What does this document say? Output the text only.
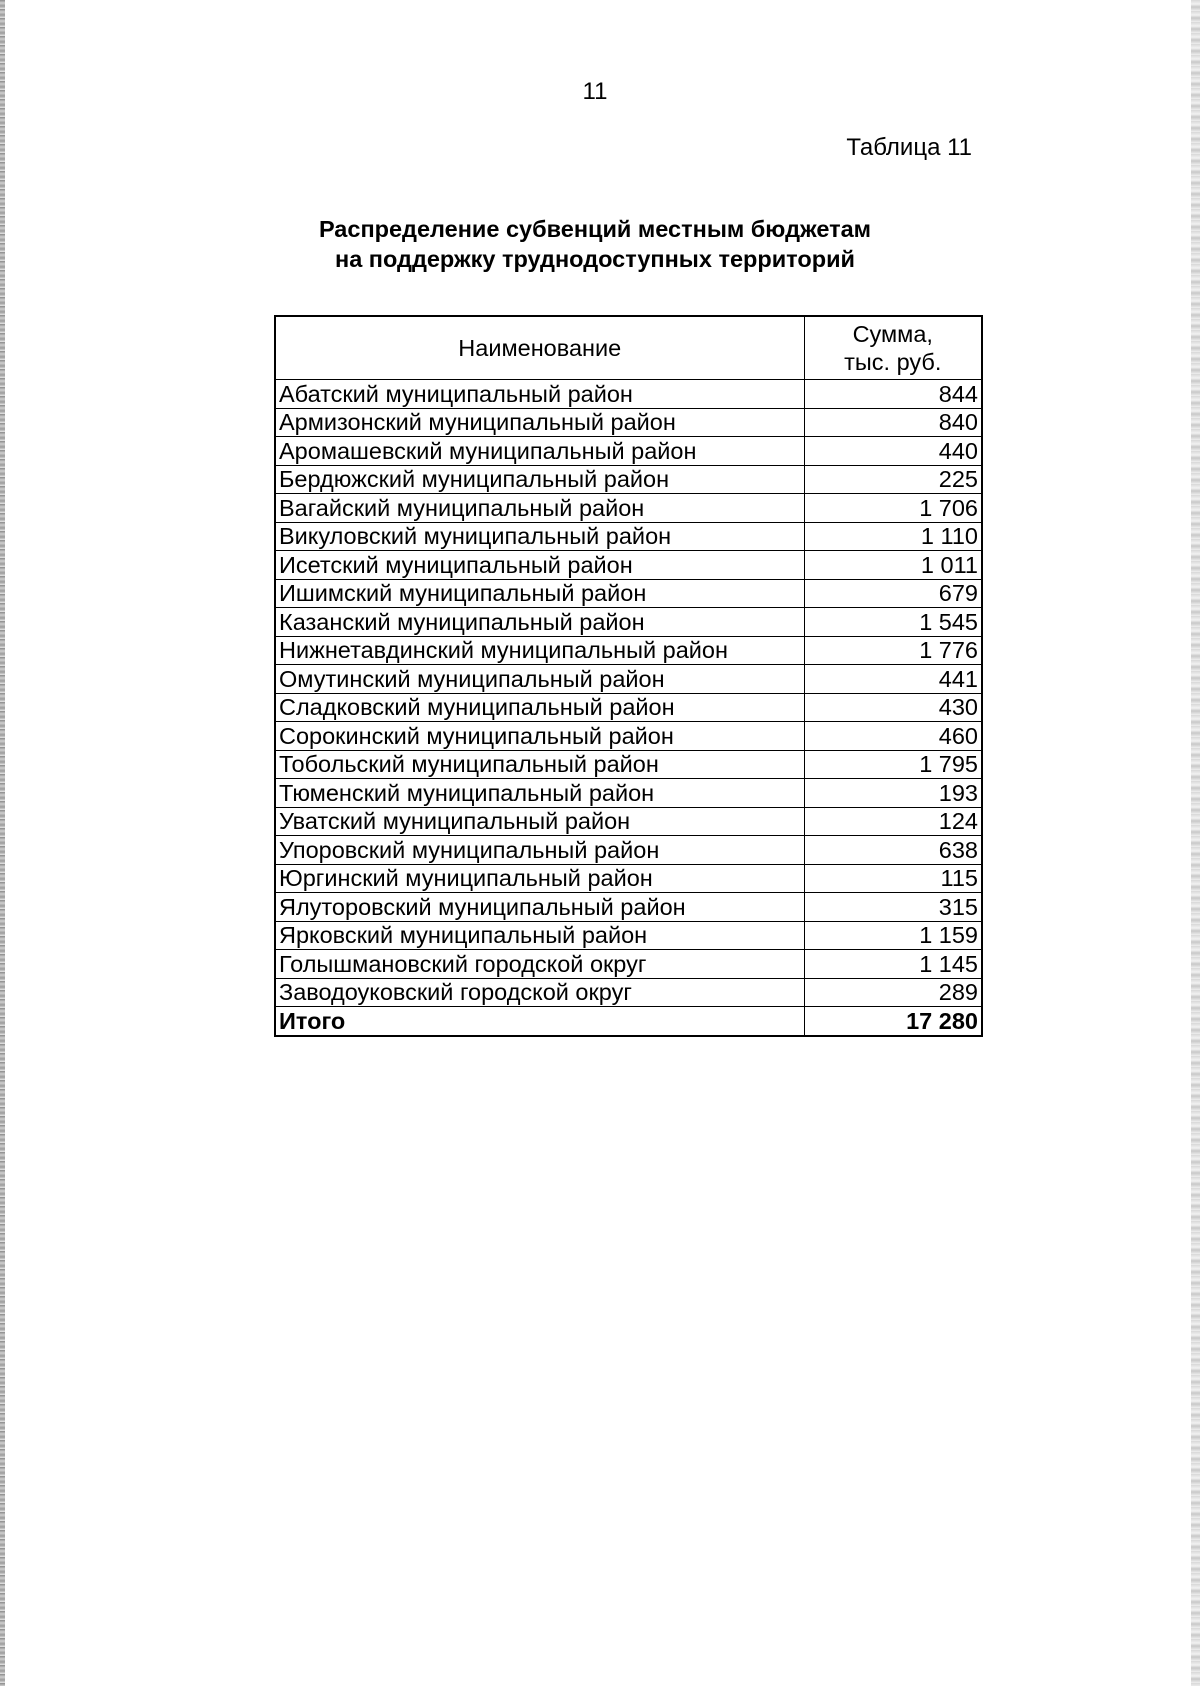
11
Таблица 11
Распределение субвенций местным бюджетам
на поддержку труднодоступных территорий
Наименование	Сумма,
тыс. руб.

Абатский муниципальный район	844
Армизонский муниципальный район	840
Аромашевский муниципальный район	440
Бердюжский муниципальный район	225
Вагайский муниципальный район	1 706
Викуловский муниципальный район	1 110
Исетский муниципальный район	1 011
Ишимский муниципальный район	679
Казанский муниципальный район	1 545
Нижнетавдинский муниципальный район	1 776
Омутинский муниципальный район	441
Сладковский муниципальный район	430
Сорокинский муниципальный район	460
Тобольский муниципальный район	1 795
Тюменский муниципальный район	193
Уватский муниципальный район	124
Упоровский муниципальный район	638
Юргинский муниципальный район	115
Ялуторовский муниципальный район	315
Ярковский муниципальный район	1 159
Голышмановский городской округ	1 145
Заводоуковский городской округ	289
Итого	17 280
